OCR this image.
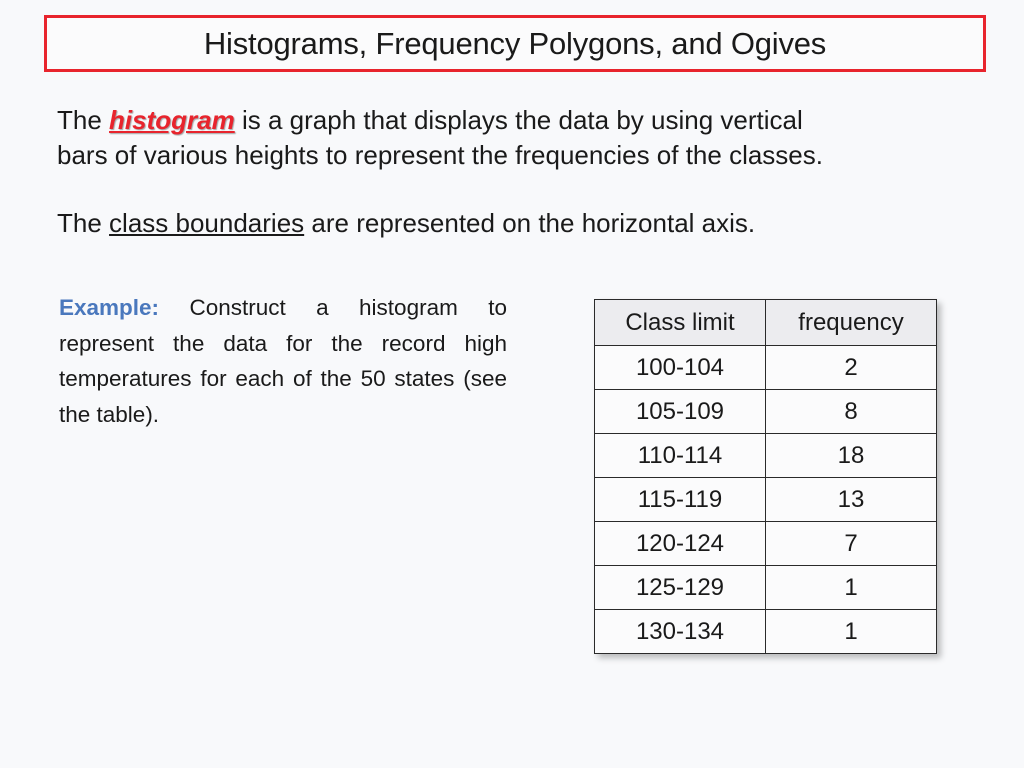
Histograms, Frequency Polygons, and Ogives
The histogram is a graph that displays the data by using vertical
bars of various heights to represent the frequencies of the classes.
The class boundaries are represented on the horizontal axis.
Example: Construct a histogram to represent the data for the record high temperatures for each of the 50 states (see the table).
Class limit	frequency
100-104	2
105-109	8
110-114	18
115-119	13
120-124	7
125-129	1
130-134	1
